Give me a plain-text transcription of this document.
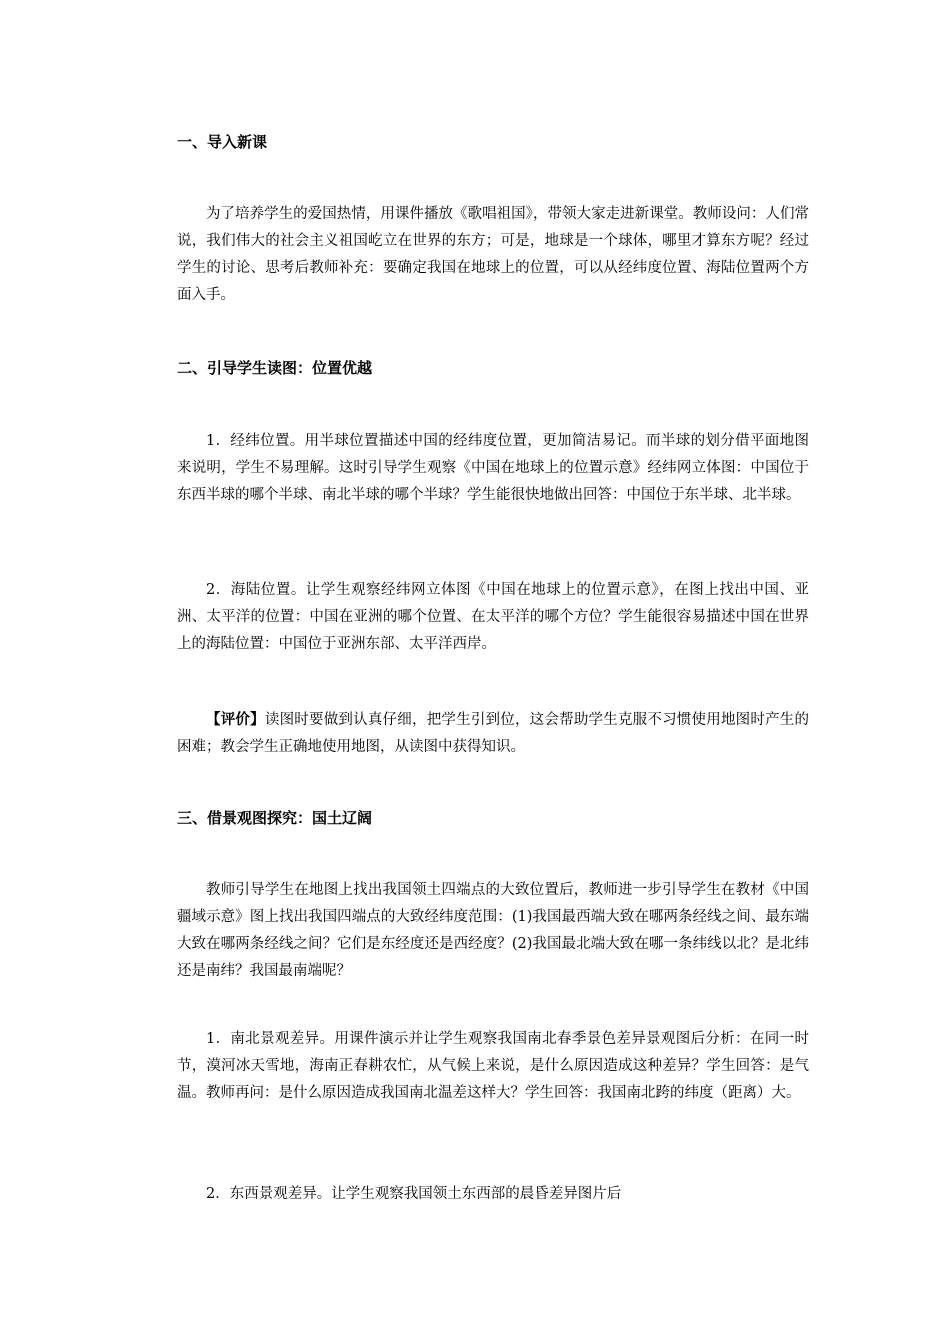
一、导入新课

为了培养学生的爱国热情，用课件播放《歌唱祖国》，带领大家走进新课堂。教师设问：人们常说，我们伟大的社会主义祖国屹立在世界的东方；可是，地球是一个球体，哪里才算东方呢？经过学生的讨论、思考后教师补充：要确定我国在地球上的位置，可以从经纬度位置、海陆位置两个方面入手。

二、引导学生读图：位置优越

1．经纬位置。用半球位置描述中国的经纬度位置，更加简洁易记。而半球的划分借平面地图来说明，学生不易理解。这时引导学生观察《中国在地球上的位置示意》经纬网立体图：中国位于东西半球的哪个半球、南北半球的哪个半球？学生能很快地做出回答：中国位于东半球、北半球。

2．海陆位置。让学生观察经纬网立体图《中国在地球上的位置示意》，在图上找出中国、亚洲、太平洋的位置：中国在亚洲的哪个位置、在太平洋的哪个方位？学生能很容易描述中国在世界上的海陆位置：中国位于亚洲东部、太平洋西岸。

【评价】读图时要做到认真仔细，把学生引到位，这会帮助学生克服不习惯使用地图时产生的困难；教会学生正确地使用地图，从读图中获得知识。

三、借景观图探究：国土辽阔

教师引导学生在地图上找出我国领土四端点的大致位置后，教师进一步引导学生在教材《中国疆域示意》图上找出我国四端点的大致经纬度范围：(1)我国最西端大致在哪两条经线之间、最东端大致在哪两条经线之间？它们是东经度还是西经度？(2)我国最北端大致在哪一条纬线以北？是北纬还是南纬？我国最南端呢？

1．南北景观差异。用课件演示并让学生观察我国南北春季景色差异景观图后分析：在同一时节，漠河冰天雪地，海南正春耕农忙，从气候上来说，是什么原因造成这种差异？学生回答：是气温。教师再问：是什么原因造成我国南北温差这样大？学生回答：我国南北跨的纬度（距离）大。

2．东西景观差异。让学生观察我国领土东西部的晨昏差异图片后
